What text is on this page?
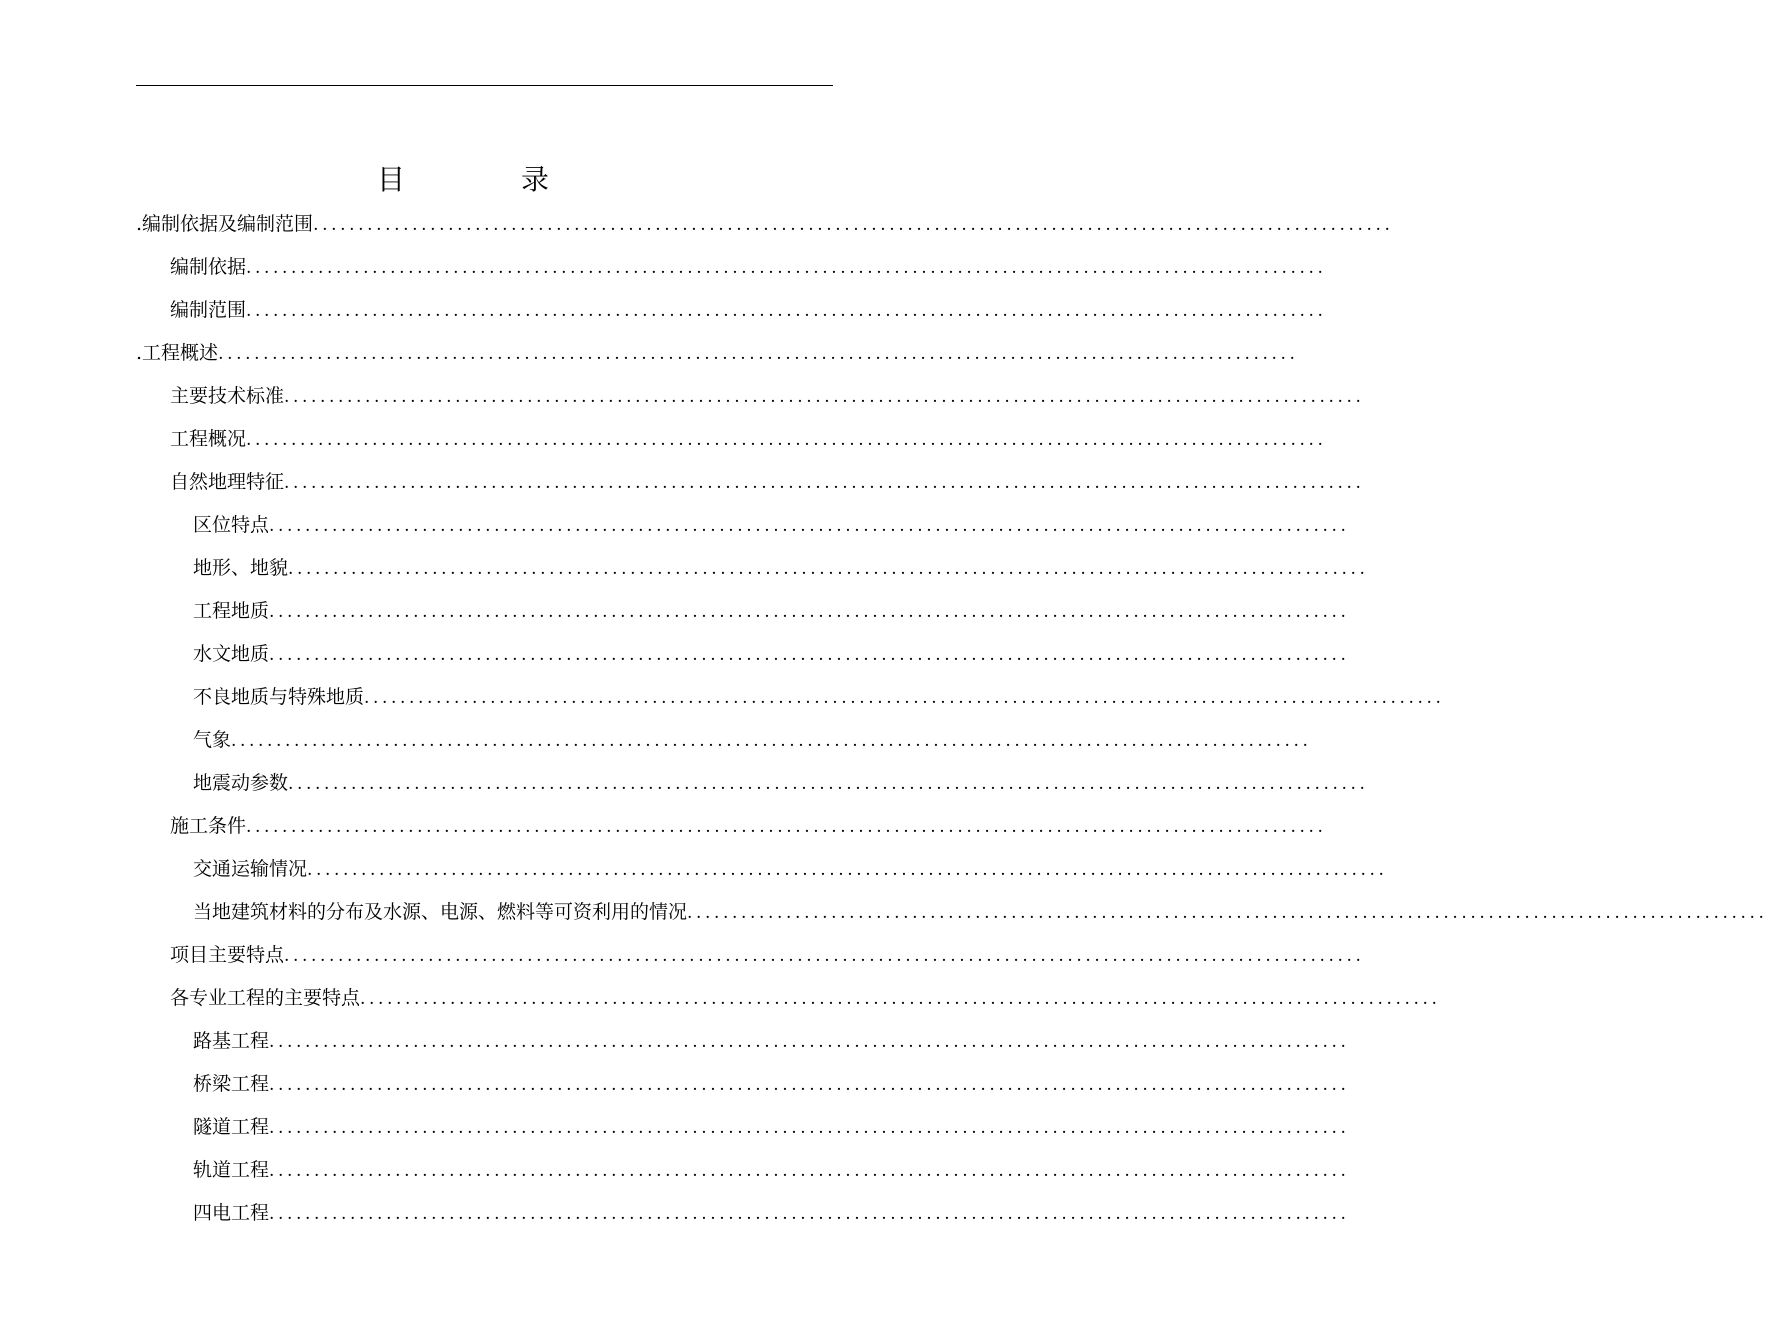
目　录
. 编制依据及编制范围 ........................................................................................................................
编制依据 ........................................................................................................................
编制范围 ........................................................................................................................
. 工程概述 ........................................................................................................................
主要技术标准 ........................................................................................................................
工程概况 ........................................................................................................................
自然地理特征 ........................................................................................................................
区位特点 ........................................................................................................................
地形、地貌 ........................................................................................................................
工程地质 ........................................................................................................................
水文地质 ........................................................................................................................
不良地质与特殊地质 ........................................................................................................................
气象 ........................................................................................................................
地震动参数 ........................................................................................................................
施工条件 ........................................................................................................................
交通运输情况 ........................................................................................................................
当地建筑材料的分布及水源、电源、燃料等可资利用的情况 ........................................................................................................................
项目主要特点 ........................................................................................................................
各专业工程的主要特点 ........................................................................................................................
路基工程 ........................................................................................................................
桥梁工程 ........................................................................................................................
隧道工程 ........................................................................................................................
轨道工程 ........................................................................................................................
四电工程 ........................................................................................................................
